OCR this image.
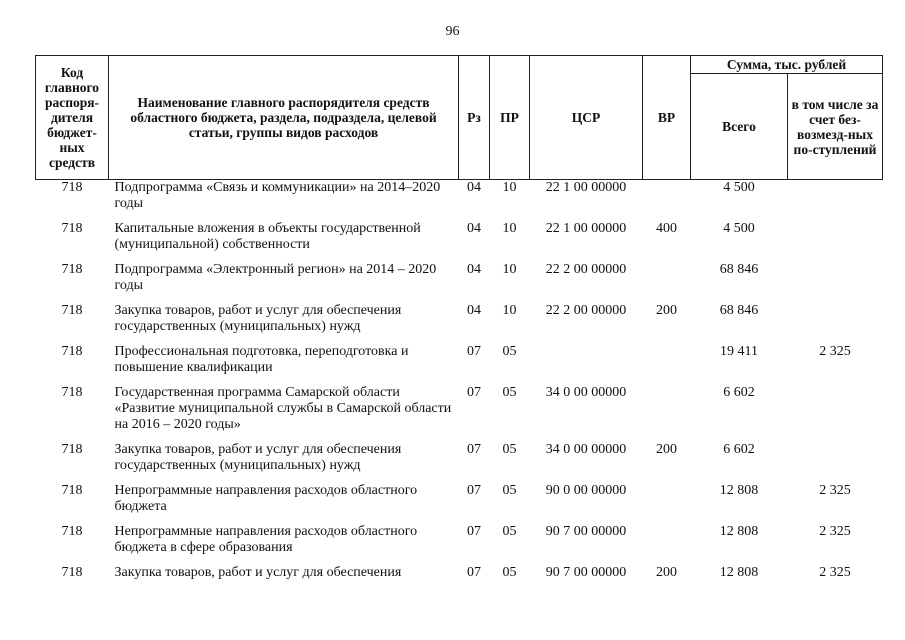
96
Код главного распоря-дителя бюджет-ных средств	Наименование главного распорядителя средств областного бюджета, раздела, подраздела, целевой статьи, группы видов расходов	Рз	ПР	ЦСР	ВР	Сумма, тыс. рублей	
						Всего	в том числе за счет без-возмезд-ных по-ступлений
718	Подпрограмма «Связь и коммуникации» на 2014–2020 годы	04	10	22 1 00 00000		4 500	
718	Капитальные вложения в объекты государственной (муниципальной) собственности	04	10	22 1 00 00000	400	4 500	
718	Подпрограмма «Электронный регион» на 2014 – 2020 годы	04	10	22 2 00 00000		68 846	
718	Закупка товаров, работ и услуг для обеспечения государственных (муниципальных) нужд	04	10	22 2 00 00000	200	68 846	
718	Профессиональная подготовка, переподготовка и повышение квалификации	07	05			19 411	2 325
718	Государственная программа Самарской области «Развитие муниципальной службы в Самарской области на 2016 – 2020 годы»	07	05	34 0 00 00000		6 602	
718	Закупка товаров, работ и услуг для обеспечения государственных (муниципальных) нужд	07	05	34 0 00 00000	200	6 602	
718	Непрограммные направления расходов областного бюджета	07	05	90 0 00 00000		12 808	2 325
718	Непрограммные направления расходов областного бюджета в сфере образования	07	05	90 7 00 00000		12 808	2 325
718	Закупка товаров, работ и услуг для обеспечения	07	05	90 7 00 00000	200	12 808	2 325
